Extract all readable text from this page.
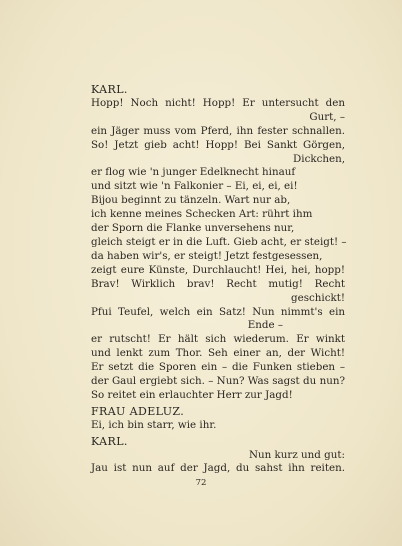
KARL.
Hopp! Noch nicht! Hopp! Er untersucht den
Gurt, –
ein Jäger muss vom Pferd, ihn fester schnallen.
So! Jetzt gieb acht! Hopp! Bei Sankt Görgen,
Dickchen,
er flog wie 'n junger Edelknecht hinauf
und sitzt wie 'n Falkonier – Ei, ei, ei, ei!
Bijou beginnt zu tänzeln. Wart nur ab,
ich kenne meines Schecken Art: rührt ihm
der Sporn die Flanke unversehens nur,
gleich steigt er in die Luft. Gieb acht, er steigt! –
da haben wir's, er steigt! Jetzt festgesessen,
zeigt eure Künste, Durchlaucht! Hei, hei, hopp!
Brav! Wirklich brav! Recht mutig! Recht
geschickt!
Pfui Teufel, welch ein Satz! Nun nimmt's ein
Ende –
er rutscht! Er hält sich wiederum. Er winkt
und lenkt zum Thor. Seh einer an, der Wicht!
Er setzt die Sporen ein – die Funken stieben –
der Gaul ergiebt sich. – Nun? Was sagst du nun?
So reitet ein erlauchter Herr zur Jagd!
FRAU ADELUZ.
Ei, ich bin starr, wie ihr.
KARL.
Nun kurz und gut:
Jau ist nun auf der Jagd, du sahst ihn reiten.
72
